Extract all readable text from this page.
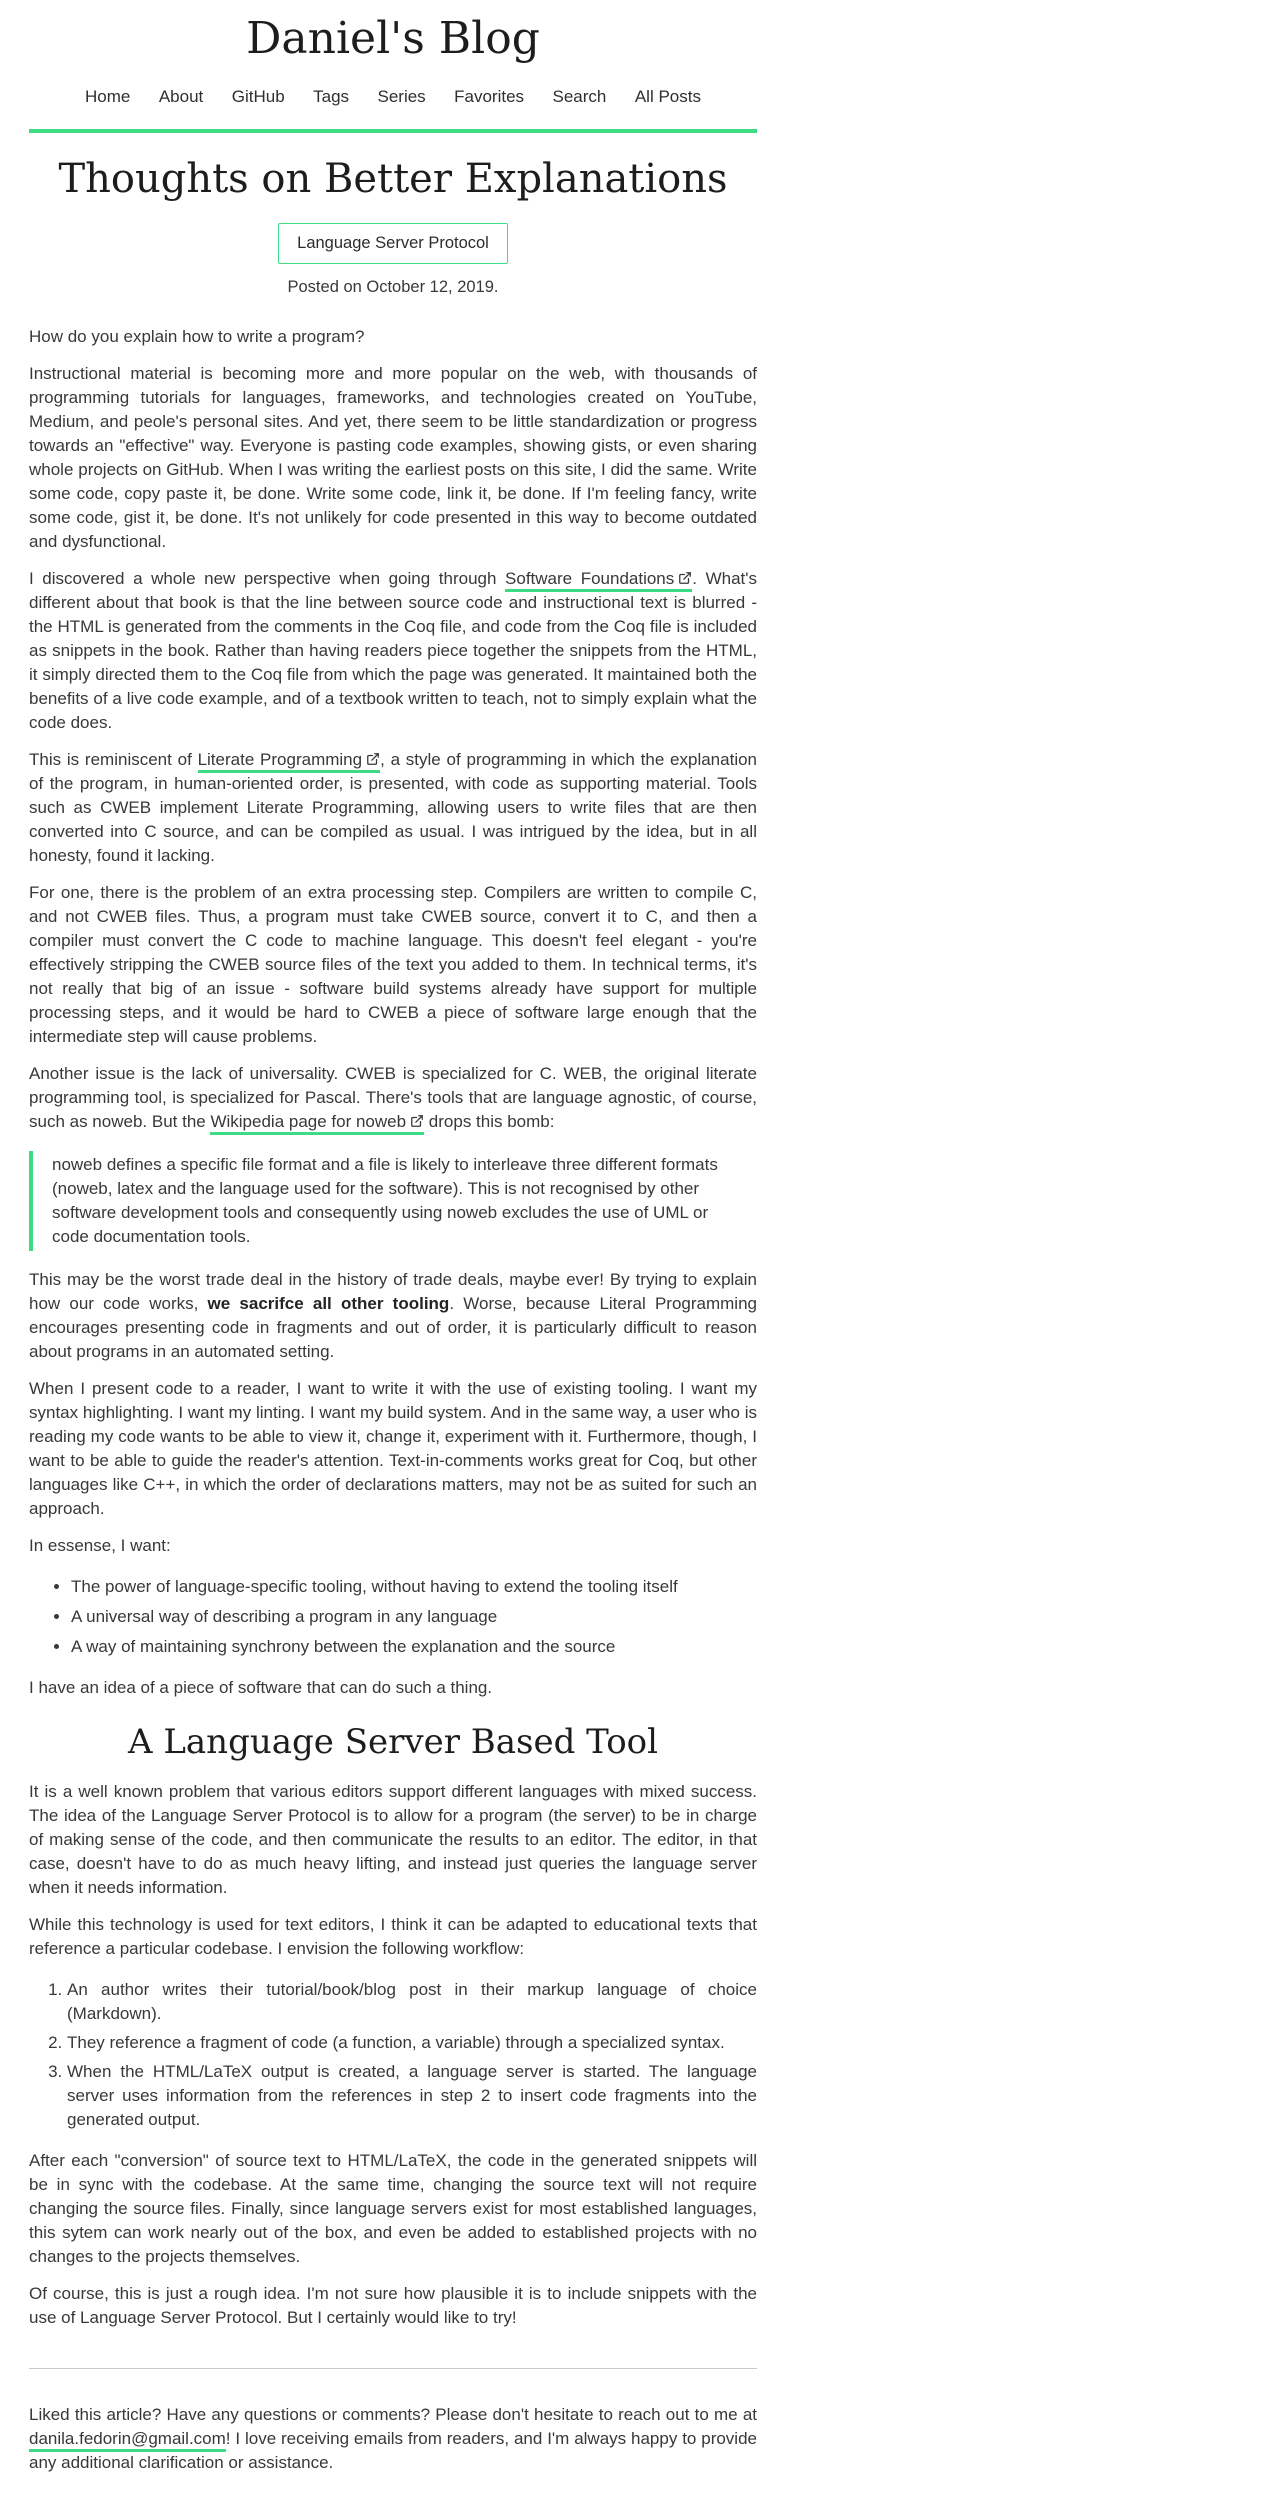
Daniel's Blog
Home About GitHub Tags Series Favorites Search All Posts
Thoughts on Better Explanations
Language Server Protocol

Posted on October 12, 2019.

How do you explain how to write a program?

Instructional material is becoming more and more popular on the web, with thousands of programming tutorials for languages, frameworks, and technologies created on YouTube, Medium, and peole's personal sites. And yet, there seem to be little standardization or progress towards an "effective" way. Everyone is pasting code examples, showing gists, or even sharing whole projects on GitHub. When I was writing the earliest posts on this site, I did the same. Write some code, copy paste it, be done. Write some code, link it, be done. If I'm feeling fancy, write some code, gist it, be done. It's not unlikely for code presented in this way to become outdated and dysfunctional.

I discovered a whole new perspective when going through Software Foundations . What's different about that book is that the line between source code and instructional text is blurred - the HTML is generated from the comments in the Coq file, and code from the Coq file is included as snippets in the book. Rather than having readers piece together the snippets from the HTML, it simply directed them to the Coq file from which the page was generated. It maintained both the benefits of a live code example, and of a textbook written to teach, not to simply explain what the code does.

This is reminiscent of Literate Programming , a style of programming in which the explanation of the program, in human-oriented order, is presented, with code as supporting material. Tools such as CWEB implement Literate Programming, allowing users to write files that are then converted into C source, and can be compiled as usual. I was intrigued by the idea, but in all honesty, found it lacking.

For one, there is the problem of an extra processing step. Compilers are written to compile C, and not CWEB files. Thus, a program must take CWEB source, convert it to C, and then a compiler must convert the C code to machine language. This doesn't feel elegant - you're effectively stripping the CWEB source files of the text you added to them. In technical terms, it's not really that big of an issue - software build systems already have support for multiple processing steps, and it would be hard to CWEB a piece of software large enough that the intermediate step will cause problems.

Another issue is the lack of universality. CWEB is specialized for C. WEB, the original literate programming tool, is specialized for Pascal. There's tools that are language agnostic, of course, such as noweb. But the Wikipedia page for noweb drops this bomb:

noweb defines a specific file format and a file is likely to interleave three different formats (noweb, latex and the language used for the software). This is not recognised by other software development tools and consequently using noweb excludes the use of UML or code documentation tools.

This may be the worst trade deal in the history of trade deals, maybe ever! By trying to explain how our code works, we sacrifce all other tooling. Worse, because Literal Programming encourages presenting code in fragments and out of order, it is particularly difficult to reason about programs in an automated setting.

When I present code to a reader, I want to write it with the use of existing tooling. I want my syntax highlighting. I want my linting. I want my build system. And in the same way, a user who is reading my code wants to be able to view it, change it, experiment with it. Furthermore, though, I want to be able to guide the reader's attention. Text-in-comments works great for Coq, but other languages like C++, in which the order of declarations matters, may not be as suited for such an approach.

In essense, I want:

• The power of language-specific tooling, without having to extend the tooling itself
• A universal way of describing a program in any language
• A way of maintaining synchrony between the explanation and the source

I have an idea of a piece of software that can do such a thing.

A Language Server Based Tool

It is a well known problem that various editors support different languages with mixed success. The idea of the Language Server Protocol is to allow for a program (the server) to be in charge of making sense of the code, and then communicate the results to an editor. The editor, in that case, doesn't have to do as much heavy lifting, and instead just queries the language server when it needs information.

While this technology is used for text editors, I think it can be adapted to educational texts that reference a particular codebase. I envision the following workflow:

1. An author writes their tutorial/book/blog post in their markup language of choice (Markdown).
2. They reference a fragment of code (a function, a variable) through a specialized syntax.
3. When the HTML/LaTeX output is created, a language server is started. The language server uses information from the references in step 2 to insert code fragments into the generated output.

After each "conversion" of source text to HTML/LaTeX, the code in the generated snippets will be in sync with the codebase. At the same time, changing the source text will not require changing the source files. Finally, since language servers exist for most established languages, this sytem can work nearly out of the box, and even be added to established projects with no changes to the projects themselves.

Of course, this is just a rough idea. I'm not sure how plausible it is to include snippets with the use of Language Server Protocol. But I certainly would like to try!

Liked this article? Have any questions or comments? Please don't hesitate to reach out to me at danila.fedorin@gmail.com! I love receiving emails from readers, and I'm always happy to provide any additional clarification or assistance.
